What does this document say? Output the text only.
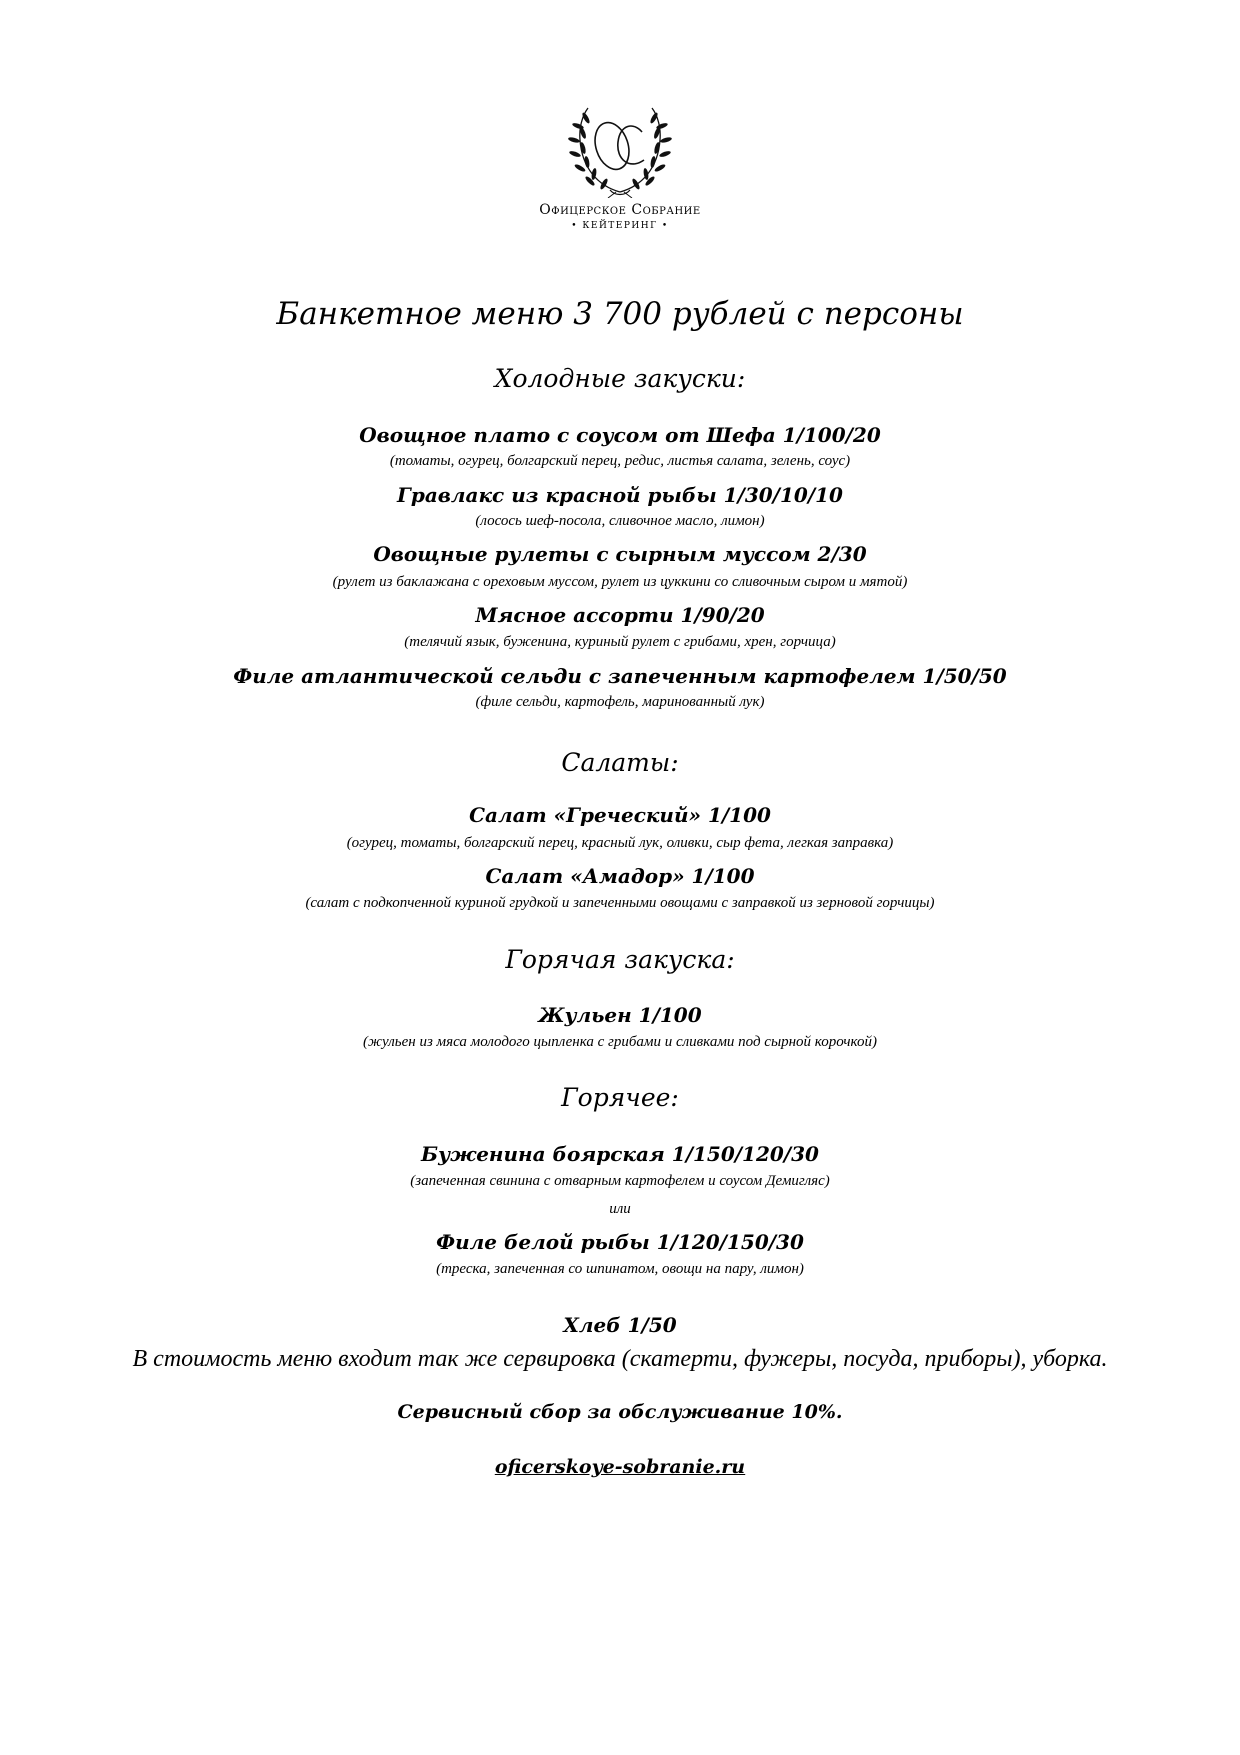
Офицерское Собрание
• КЕЙТЕРИНГ •
Банкетное меню 3 700 рублей с персоны
Холодные закуски:
Овощное плато с соусом от Шефа 1/100/20
(томаты, огурец, болгарский перец, редис, листья салата, зелень, соус)
Гравлакс из красной рыбы 1/30/10/10
(лосось шеф-посола, сливочное масло, лимон)
Овощные рулеты с сырным муссом 2/30
(рулет из баклажана с ореховым муссом, рулет из цуккини со сливочным сыром и мятой)
Мясное ассорти 1/90/20
(телячий язык, буженина, куриный рулет с грибами, хрен, горчица)
Филе атлантической сельди с запеченным картофелем 1/50/50
(филе сельди, картофель, маринованный лук)
Салаты:
Салат «Греческий» 1/100
(огурец, томаты, болгарский перец, красный лук, оливки, сыр фета, легкая заправка)
Салат «Амадор» 1/100
(салат с подкопченной куриной грудкой и запеченными овощами с заправкой из зерновой горчицы)
Горячая закуска:
Жульен 1/100
(жульен из мяса молодого цыпленка с грибами и сливками под сырной корочкой)
Горячее:
Буженина боярская 1/150/120/30
(запеченная свинина с отварным картофелем и соусом Демигляс)
или
Филе белой рыбы 1/120/150/30
(треска, запеченная со шпинатом, овощи на пару, лимон)
Хлеб 1/50
В стоимость меню входит так же сервировка (скатерти, фужеры, посуда, приборы), уборка.
Сервисный сбор за обслуживание 10%.
oficerskoye-sobranie.ru
